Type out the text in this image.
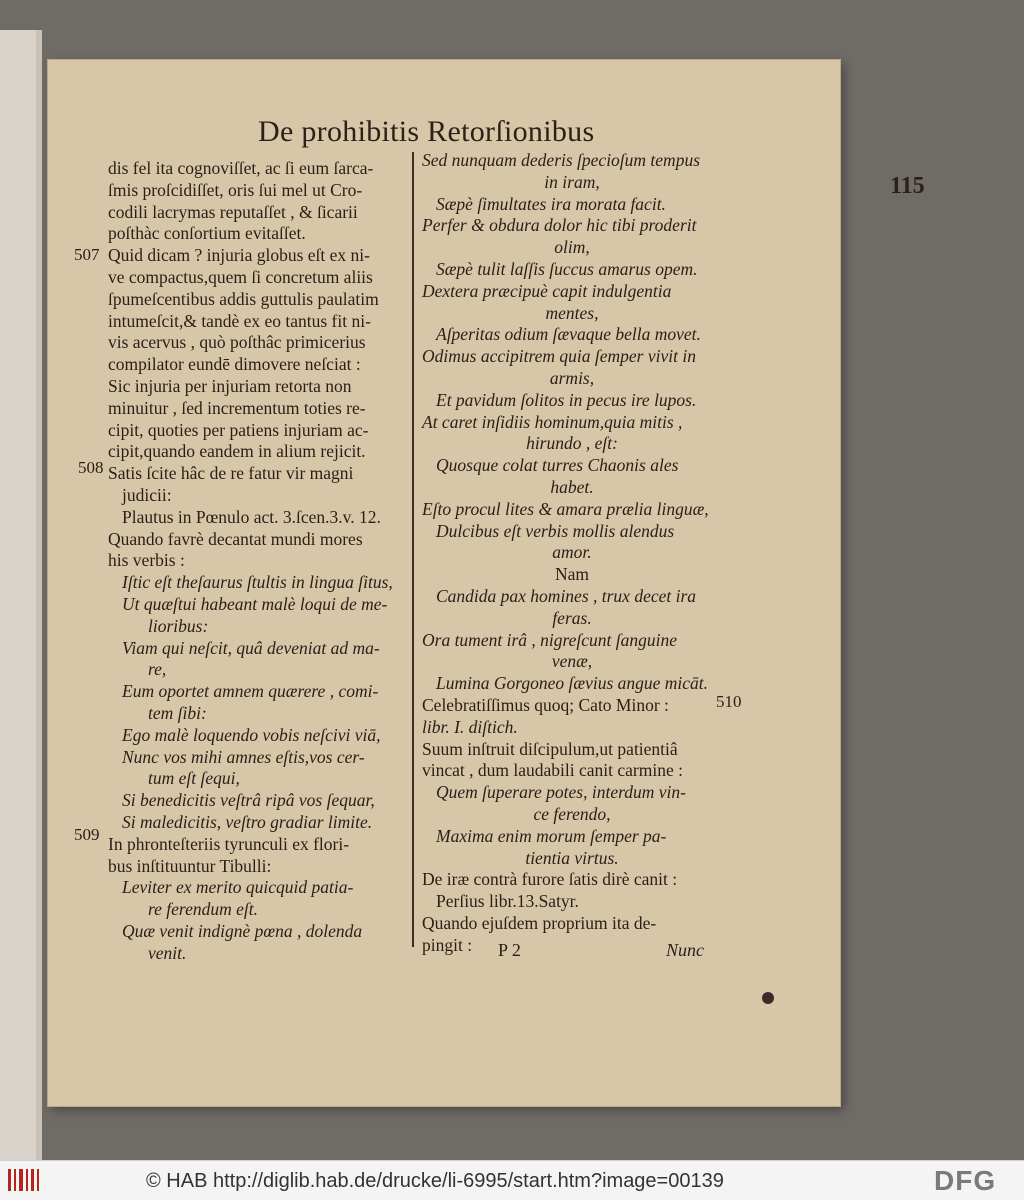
De prohibitis Retorſionibus
115
507
508
509
510
dis fel ita cognoviſſet, ac ſi eum ſarca-
ſmis proſcidiſſet, oris ſui mel ut Cro-
codili lacrymas reputaſſet , & ſicarii
poſthàc conſortium evitaſſet.
Quid dicam ? injuria globus eſt ex ni-
ve compactus,quem ſi concretum aliis
ſpumeſcentibus addis guttulis paulatim
intumeſcit,& tandè ex eo tantus fit ni-
vis acervus , quò poſthâc primicerius
compilator eundē dimovere neſciat :
Sic injuria per injuriam retorta non
minuitur , ſed incrementum toties re-
cipit, quoties per patiens injuriam ac-
cipit,quando eandem in alium rejicit.
Satis ſcite hâc de re fatur vir magni
judicii:
Plautus in Pœnulo act. 3.ſcen.3.v. 12.
Quando favrè decantat mundi mores
his verbis :
Iſtic eſt theſaurus ſtultis in lingua ſitus,
Ut quæſtui habeant malè loqui de me-
lioribus:
Viam qui neſcit, quâ deveniat ad ma-
re,
Eum oportet amnem quærere , comi-
tem ſibi:
Ego malè loquendo vobis neſcivi viā,
Nunc vos mihi amnes eſtis,vos cer-
tum eſt ſequi,
Si benedicitis veſtrâ ripâ vos ſequar,
Si maledicitis, veſtro gradiar limite.
In phronteſteriis tyrunculi ex flori-
bus inſtituuntur Tibulli:
Leviter ex merito quicquid patia-
re ferendum eſt.
Quæ venit indignè pœna , dolenda
venit.
Sed nunquam dederis ſpecioſum tempus
in iram,
Sæpè ſimultates ira morata facit.
Perfer & obdura dolor hic tibi proderit
olim,
Sæpè tulit laſſis ſuccus amarus opem.
Dextera præcipuè capit indulgentia
mentes,
Aſperitas odium ſævaque bella movet.
Odimus accipitrem quia ſemper vivit in
armis,
Et pavidum ſolitos in pecus ire lupos.
At caret inſidiis hominum,quia mitis ,
hirundo , eſt:
Quosque colat turres Chaonis ales
habet.
Eſto procul lites & amara prælia linguæ,
Dulcibus eſt verbis mollis alendus
amor.
Nam
Candida pax homines , trux decet ira
feras.
Ora tument irâ , nigreſcunt ſanguine
venæ,
Lumina Gorgoneo ſævius angue micāt.
Celebratiſſimus quoq; Cato Minor :
libr. I. diſtich.
Suum inſtruit diſcipulum,ut patientiâ
vincat , dum laudabili canit carmine :
Quem ſuperare potes, interdum vin-
ce ferendo,
Maxima enim morum ſemper pa-
tientia virtus.
De iræ contrà furore ſatis dirè canit :
Perſius libr.13.Satyr.
Quando ejuſdem proprium ita de-
pingit :	P 2	Nunc
© HAB http://diglib.hab.de/drucke/li-6995/start.htm?image=00139	DFG
